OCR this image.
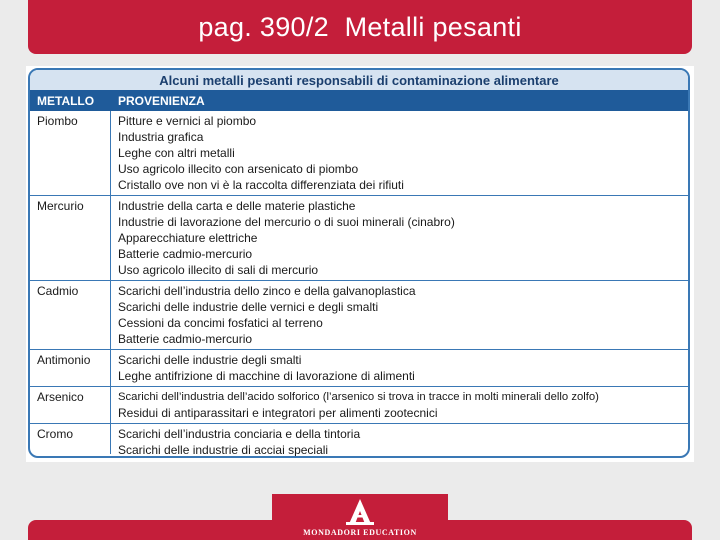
pag. 390/2  Metalli pesanti
Alcuni metalli pesanti responsabili di contaminazione alimentare
METALLO	PROVENIENZA
Piombo	Pitture e vernici al piombo
Industria grafica
Leghe con altri metalli
Uso agricolo illecito con arsenicato di piombo
Cristallo ove non vi è la raccolta differenziata dei rifiuti
Mercurio	Industrie della carta e delle materie plastiche
Industrie di lavorazione del mercurio o di suoi minerali (cinabro)
Apparecchiature elettriche
Batterie cadmio-mercurio
Uso agricolo illecito di sali di mercurio
Cadmio	Scarichi dell’industria dello zinco e della galvanoplastica
Scarichi delle industrie delle vernici e degli smalti
Cessioni da concimi fosfatici al terreno
Batterie cadmio-mercurio
Antimonio	Scarichi delle industrie degli smalti
Leghe antifrizione di macchine di lavorazione di alimenti
Arsenico	Scarichi dell’industria dell’acido solforico (l’arsenico si trova in tracce in molti minerali dello zolfo)
Residui di antiparassitari e integratori per alimenti zootecnici
Cromo	Scarichi dell’industria conciaria e della tintoria
Scarichi delle industrie di acciai speciali
MONDADORI EDUCATION
